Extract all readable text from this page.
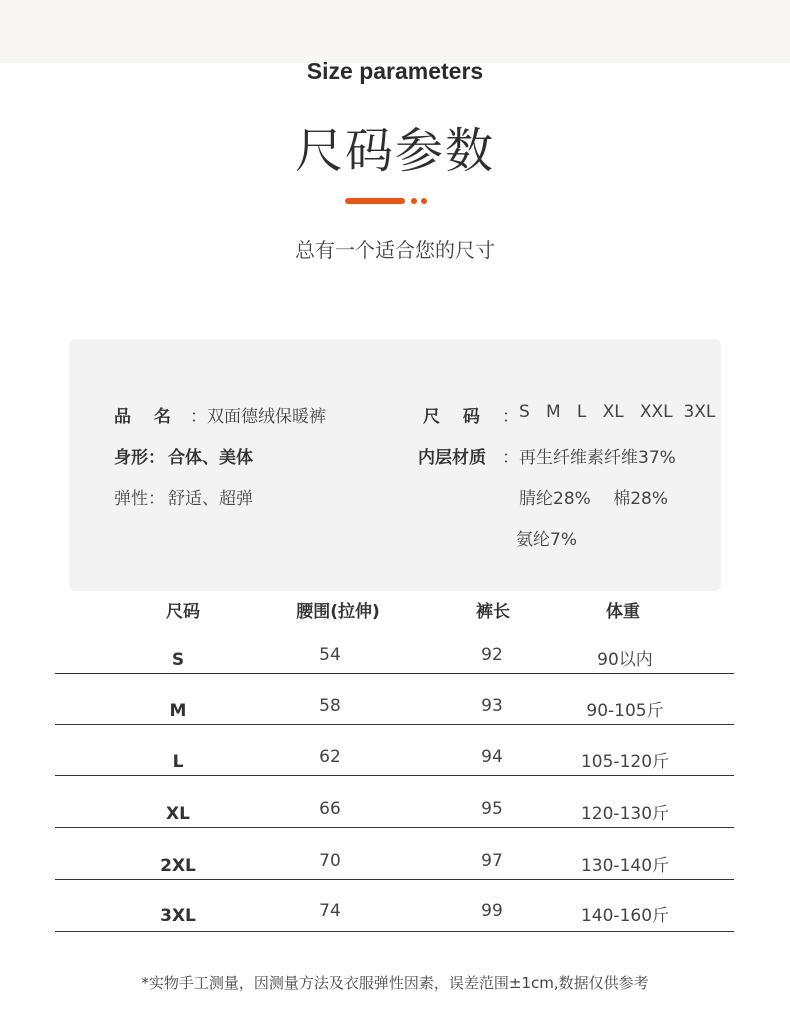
Size parameters
尺码参数
总有一个适合您的尺寸
品　 名 ： 双面德绒保暖裤
身形： 合体、美体
弹性： 舒适、超弹
尺　 码 ： S   M   L   XL   XXL  3XL
内层材质 ： 再生纤维素纤维37%
腈纶28%　 棉28%
氨纶7%
尺码	腰围(拉伸)	裤长	体重
S	54	92	90以内
M	58	93	90-105斤
L	62	94	105-120斤
XL	66	95	120-130斤
2XL	70	97	130-140斤
3XL	74	99	140-160斤
*实物手工测量，因测量方法及衣服弹性因素，误差范围±1cm,数据仅供参考
